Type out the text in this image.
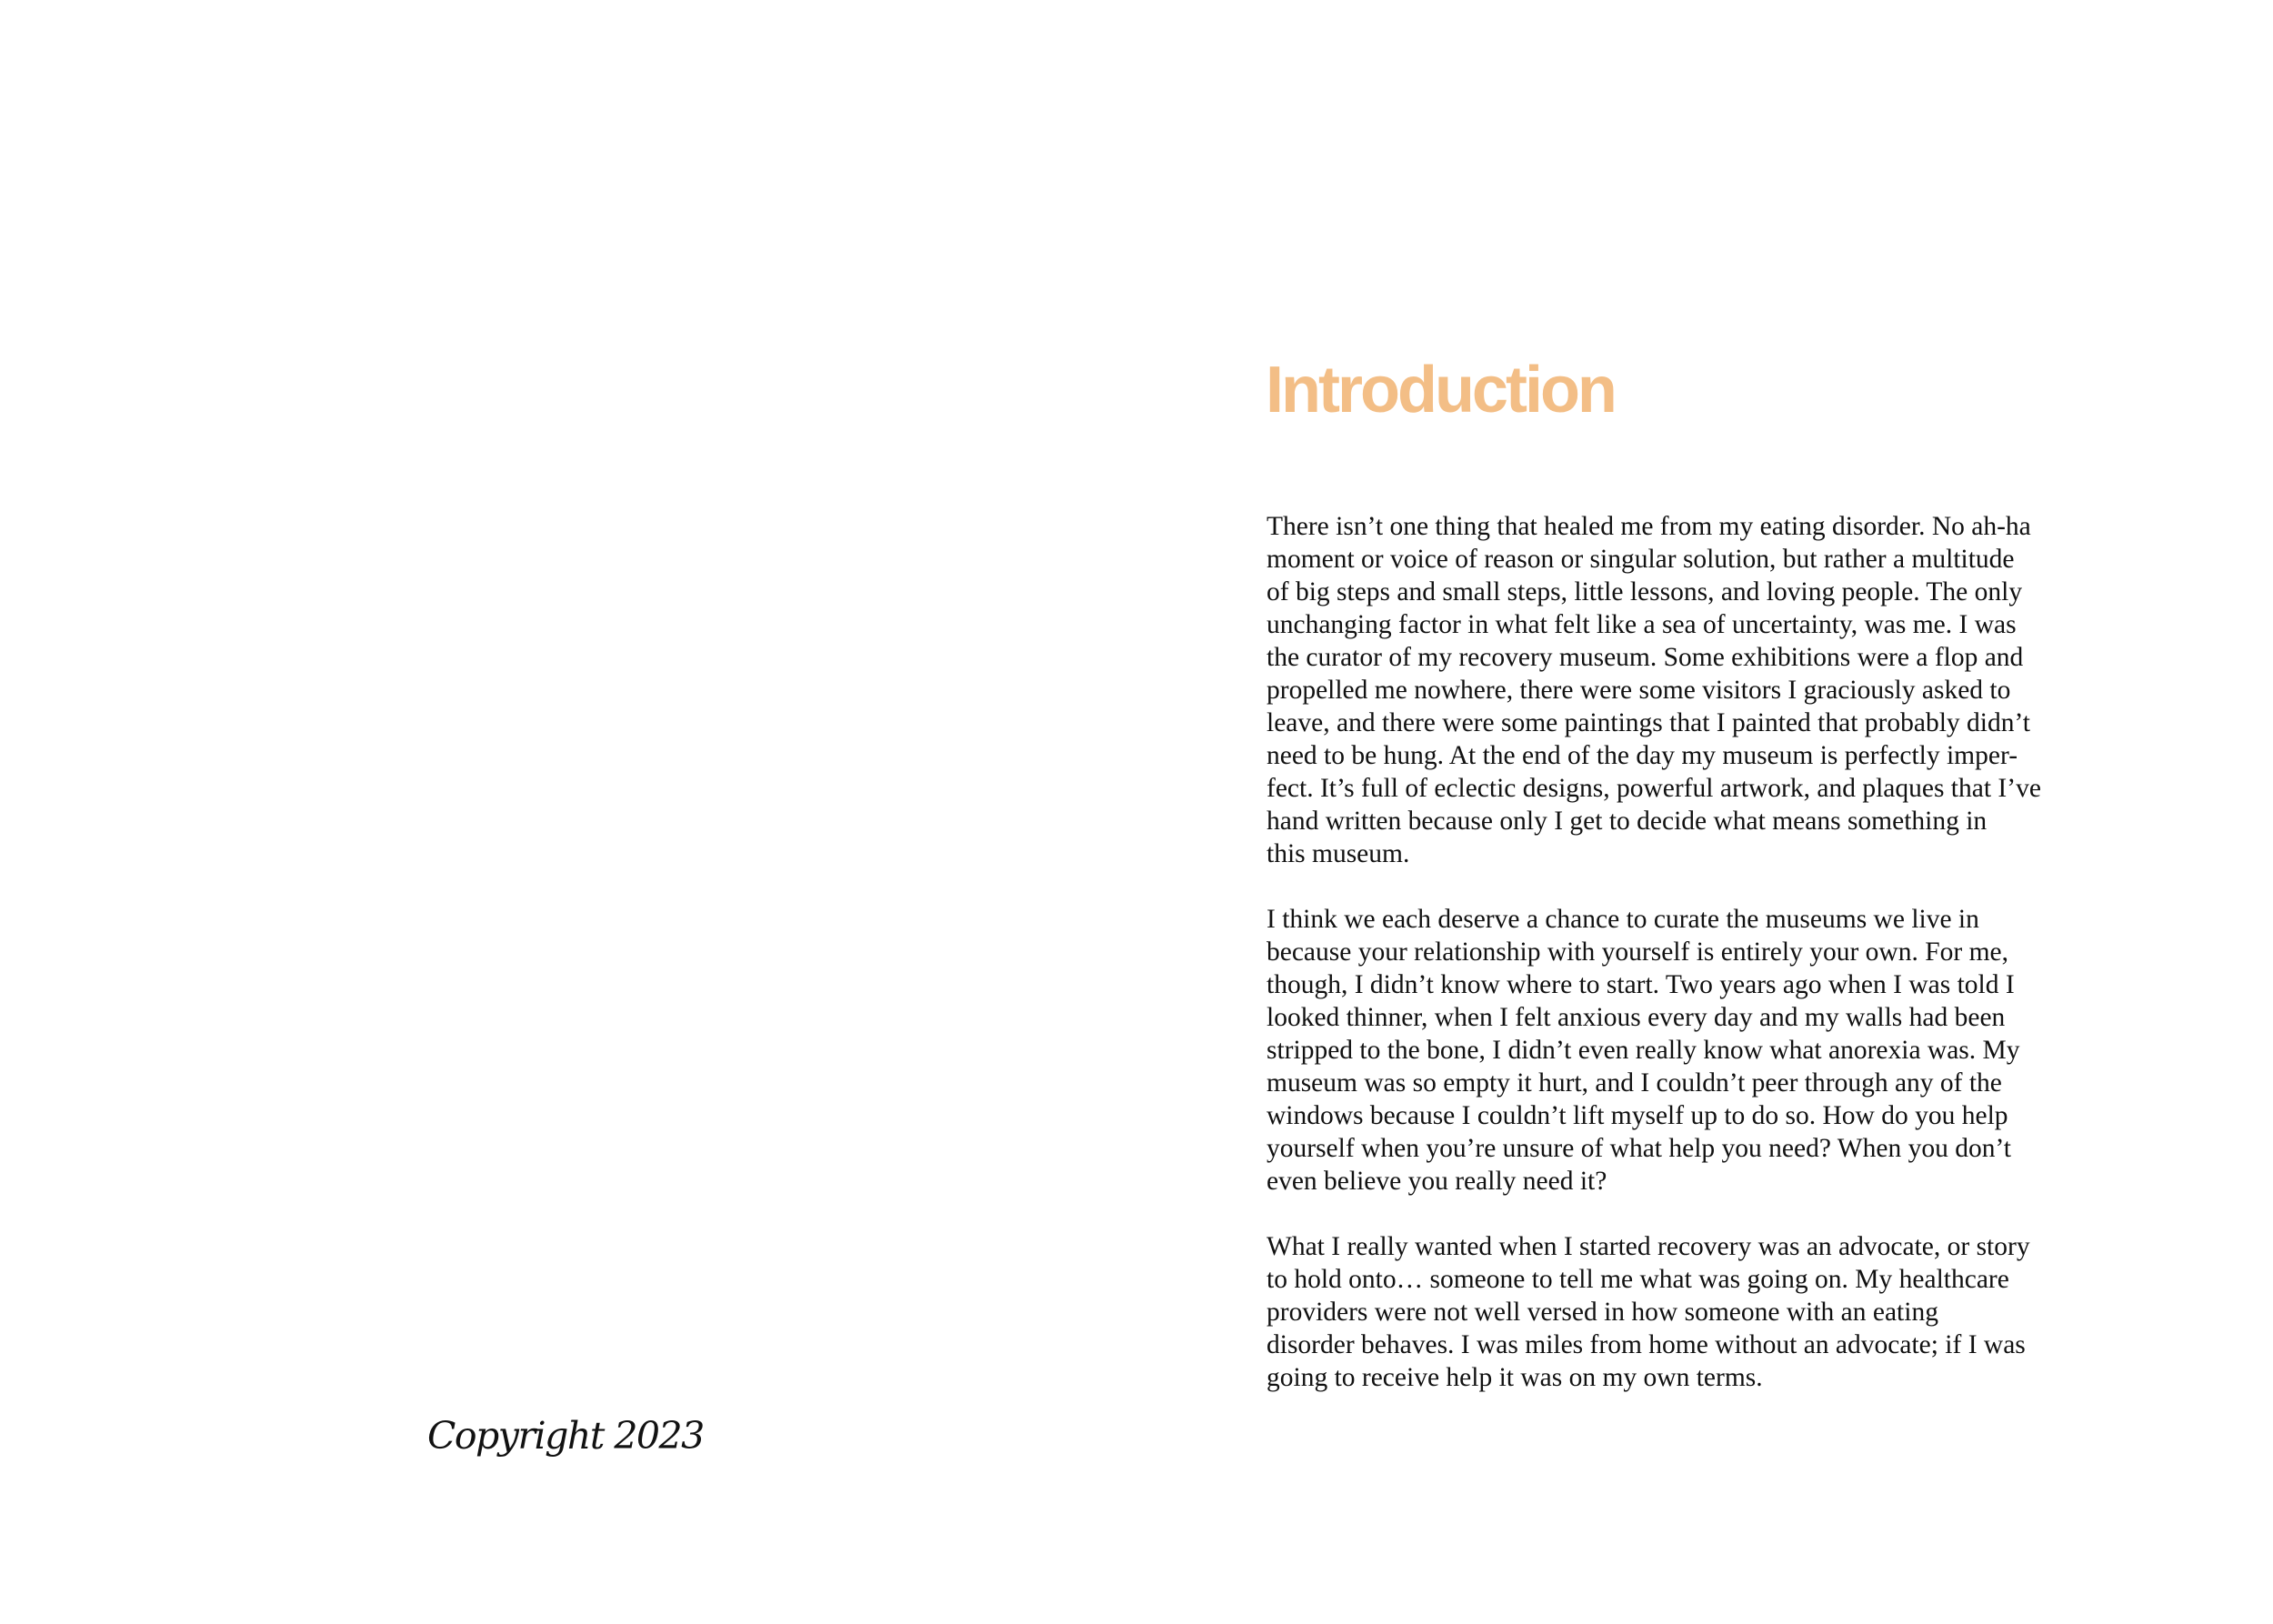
Copyright 2023

Introduction

There isn’t one thing that healed me from my eating disorder. No ah-ha
moment or voice of reason or singular solution, but rather a multitude
of big steps and small steps, little lessons, and loving people. The only
unchanging factor in what felt like a sea of uncertainty, was me. I was
the curator of my recovery museum. Some exhibitions were a flop and
propelled me nowhere, there were some visitors I graciously asked to
leave, and there were some paintings that I painted that probably didn’t
need to be hung. At the end of the day my museum is perfectly imper-
fect. It’s full of eclectic designs, powerful artwork, and plaques that I’ve
hand written because only I get to decide what means something in
this museum.

I think we each deserve a chance to curate the museums we live in
because your relationship with yourself is entirely your own. For me,
though, I didn’t know where to start. Two years ago when I was told I
looked thinner, when I felt anxious every day and my walls had been
stripped to the bone, I didn’t even really know what anorexia was. My
museum was so empty it hurt, and I couldn’t peer through any of the
windows because I couldn’t lift myself up to do so. How do you help
yourself when you’re unsure of what help you need? When you don’t
even believe you really need it?

What I really wanted when I started recovery was an advocate, or story
to hold onto… someone to tell me what was going on. My healthcare
providers were not well versed in how someone with an eating
disorder behaves. I was miles from home without an advocate; if I was
going to receive help it was on my own terms.
